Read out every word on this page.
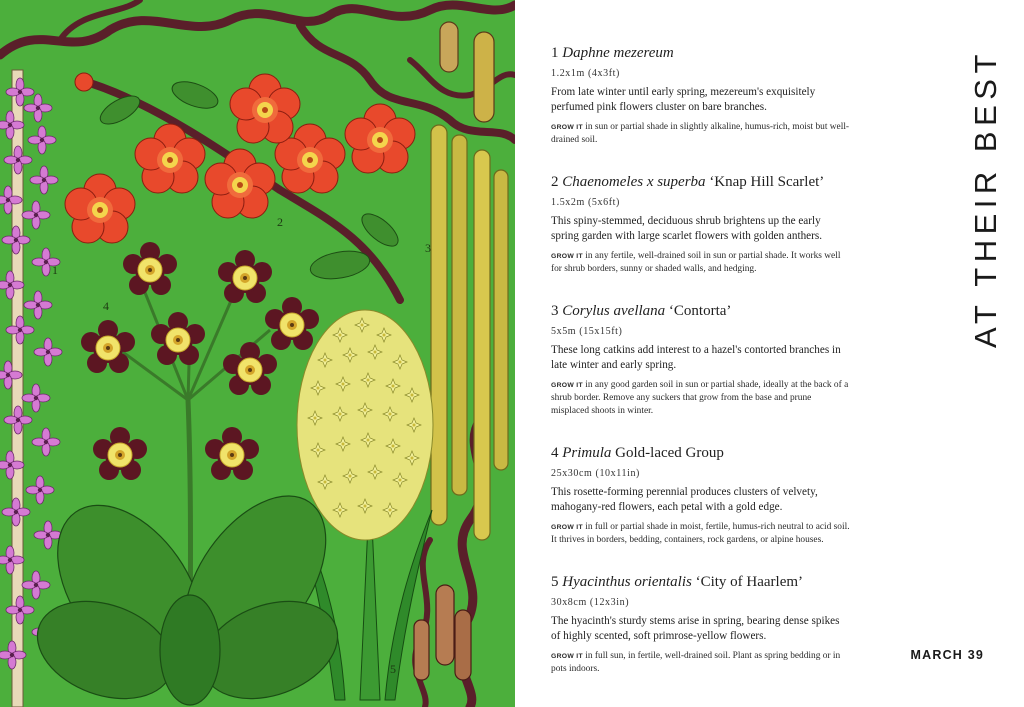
1
2
3
4
5

1 Daphne mezereum

1.2x1m (4x3ft)

From late winter until early spring, mezereum's exquisitely perfumed pink flowers cluster on bare branches.

GROW IT in sun or partial shade in slightly alkaline, humus-rich, moist but well-drained soil.

2 Chaenomeles x superba ‘Knap Hill Scarlet’

1.5x2m (5x6ft)

This spiny-stemmed, deciduous shrub brightens up the early spring garden with large scarlet flowers with golden anthers.

GROW IT in any fertile, well-drained soil in sun or partial shade. It works well for shrub borders, sunny or shaded walls, and hedging.

3 Corylus avellana ‘Contorta’

5x5m (15x15ft)

These long catkins add interest to a hazel's contorted branches in late winter and early spring.

GROW IT in any good garden soil in sun or partial shade, ideally at the back of a shrub border. Remove any suckers that grow from the base and prune misplaced shoots in winter.

4 Primula Gold-laced Group

25x30cm (10x11in)

This rosette-forming perennial produces clusters of velvety, mahogany-red flowers, each petal with a gold edge.

GROW IT in full or partial shade in moist, fertile, humus-rich neutral to acid soil. It thrives in borders, bedding, containers, rock gardens, or alpine houses.

5 Hyacinthus orientalis ‘City of Haarlem’

30x8cm (12x3in)

The hyacinth's sturdy stems arise in spring, bearing dense spikes of highly scented, soft primrose-yellow flowers.

GROW IT in full sun, in fertile, well-drained soil. Plant as spring bedding or in pots indoors.

AT THEIR BEST
MARCH 39
